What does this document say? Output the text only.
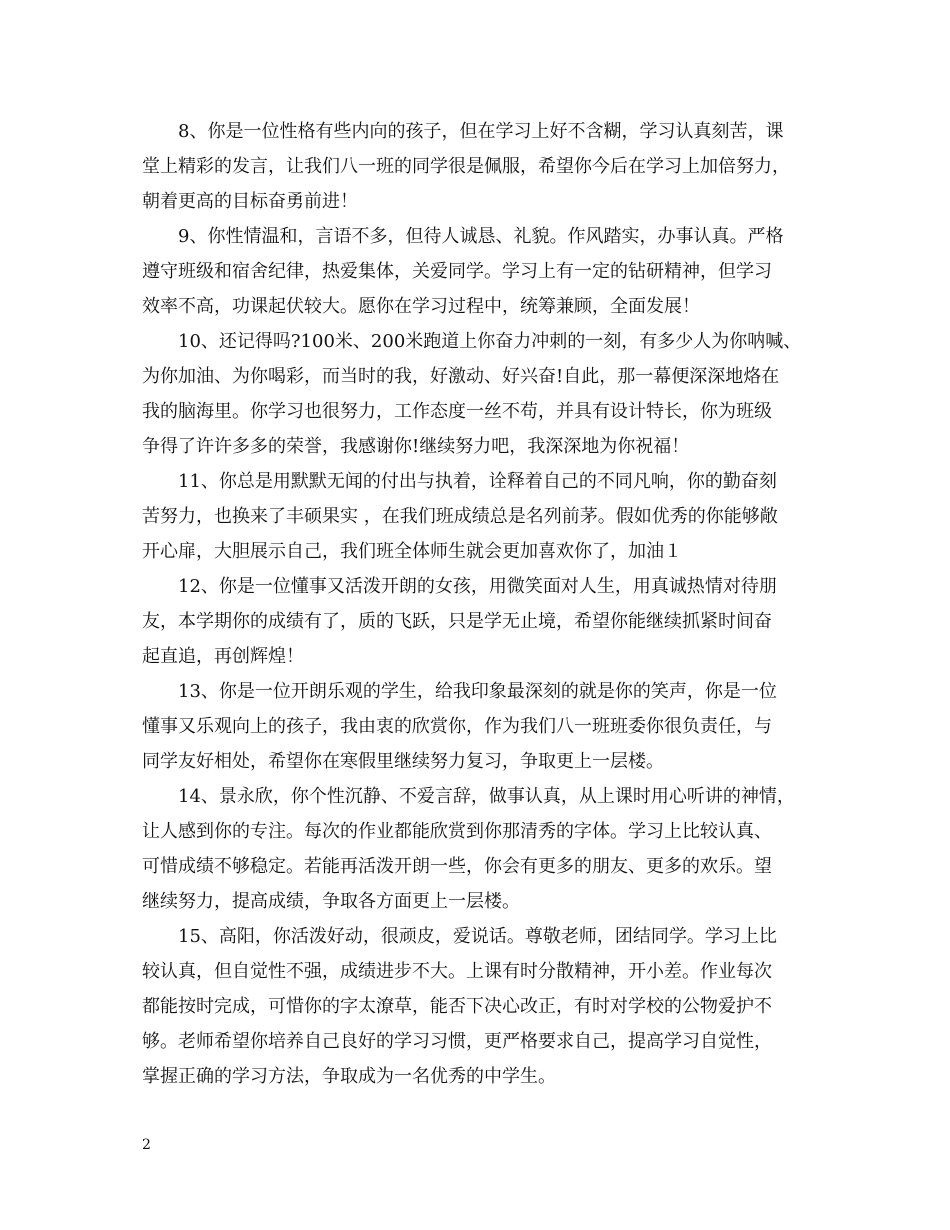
8、你是一位性格有些内向的孩子，但在学习上好不含糊，学习认真刻苦，课
堂上精彩的发言，让我们八一班的同学很是佩服，希望你今后在学习上加倍努力，
朝着更高的目标奋勇前进！

9、你性情温和，言语不多，但待人诚恳、礼貌。作风踏实，办事认真。严格
遵守班级和宿舍纪律，热爱集体，关爱同学。学习上有一定的钻研精神，但学习
效率不高，功课起伏较大。愿你在学习过程中，统筹兼顾，全面发展！

10、还记得吗?100米、200米跑道上你奋力冲刺的一刻，有多少人为你呐喊、
为你加油、为你喝彩，而当时的我，好激动、好兴奋!自此，那一幕便深深地烙在
我的脑海里。你学习也很努力，工作态度一丝不苟，并具有设计特长，你为班级
争得了许许多多的荣誉，我感谢你!继续努力吧，我深深地为你祝福！

11、你总是用默默无闻的付出与执着，诠释着自己的不同凡响，你的勤奋刻
苦努力，也换来了丰硕果实 ，在我们班成绩总是名列前茅。假如优秀的你能够敞
开心扉，大胆展示自己，我们班全体师生就会更加喜欢你了，加油１

12、你是一位懂事又活泼开朗的女孩，用微笑面对人生，用真诚热情对待朋
友，本学期你的成绩有了，质的飞跃，只是学无止境，希望你能继续抓紧时间奋
起直追，再创辉煌！

13、你是一位开朗乐观的学生，给我印象最深刻的就是你的笑声，你是一位
懂事又乐观向上的孩子，我由衷的欣赏你，作为我们八一班班委你很负责任，与
同学友好相处，希望你在寒假里继续努力复习，争取更上一层楼。

14、景永欣，你个性沉静、不爱言辞，做事认真，从上课时用心听讲的神情，
让人感到你的专注。每次的作业都能欣赏到你那清秀的字体。学习上比较认真、
可惜成绩不够稳定。若能再活泼开朗一些，你会有更多的朋友、更多的欢乐。望
继续努力，提高成绩，争取各方面更上一层楼。

15、高阳，你活泼好动，很顽皮，爱说话。尊敬老师，团结同学。学习上比
较认真，但自觉性不强，成绩进步不大。上课有时分散精神，开小差。作业每次
都能按时完成，可惜你的字太潦草，能否下决心改正，有时对学校的公物爱护不
够。老师希望你培养自己良好的学习习惯，更严格要求自己，提高学习自觉性，
掌握正确的学习方法，争取成为一名优秀的中学生。

2
